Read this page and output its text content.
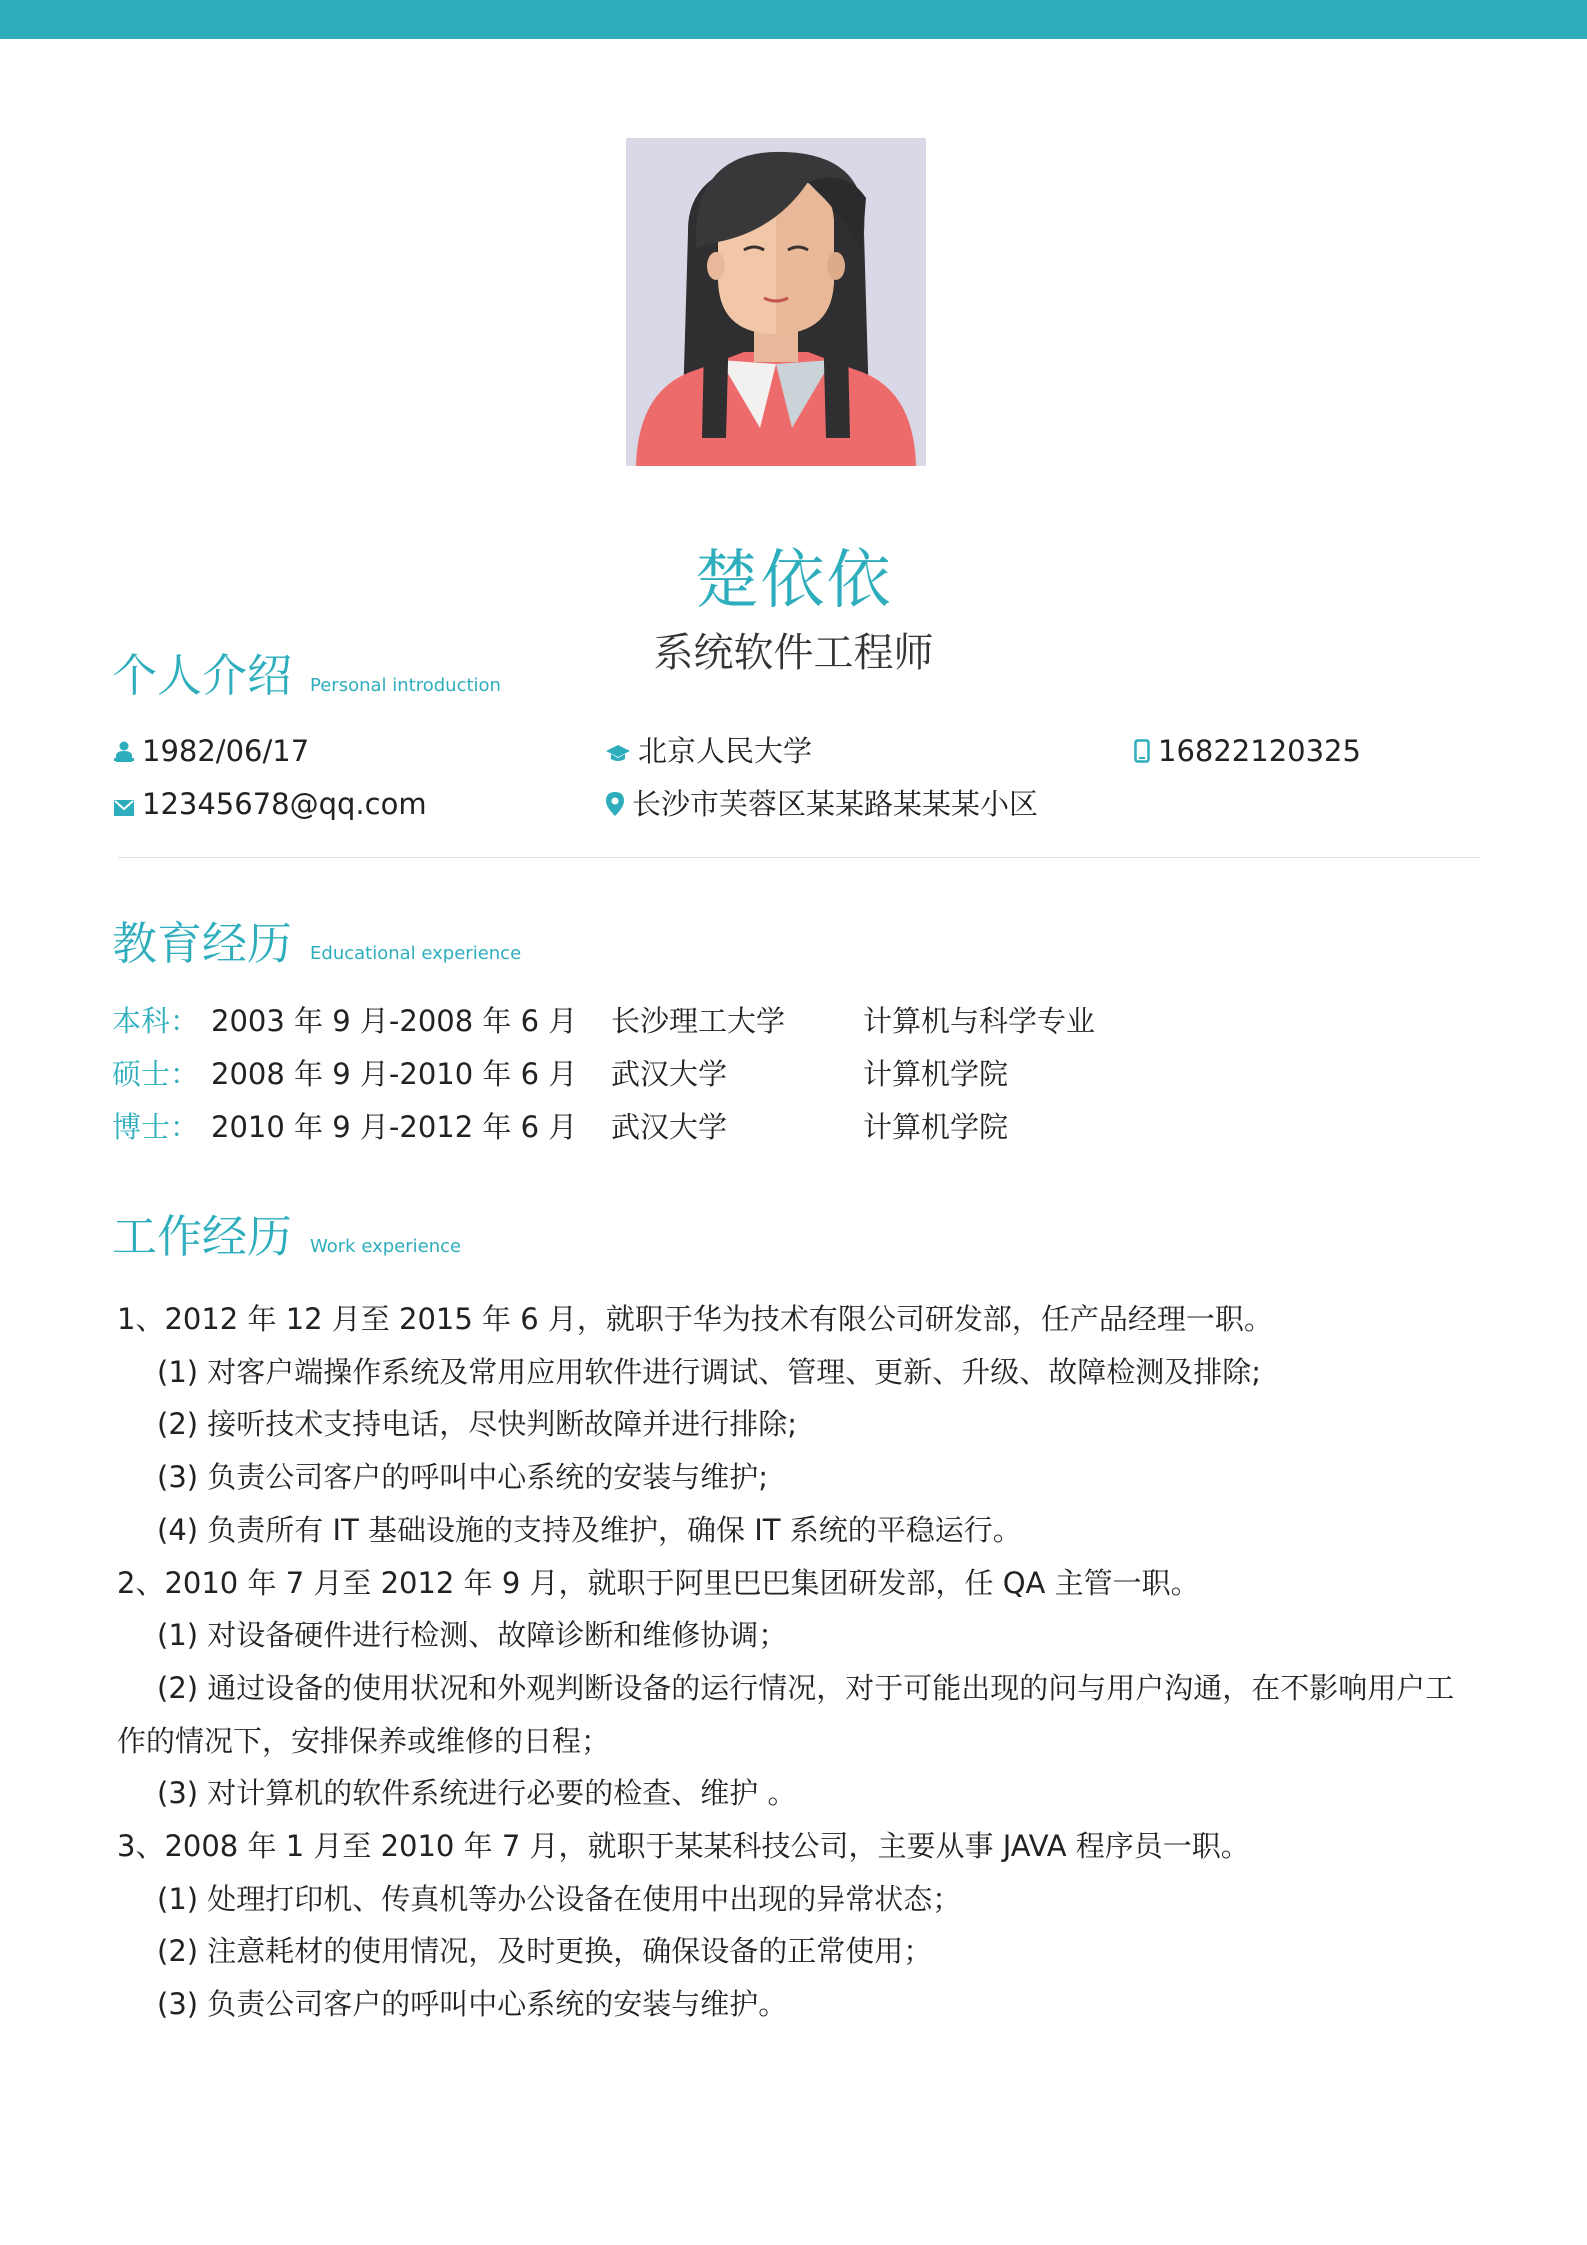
楚依依
系统软件工程师
个人介绍 Personal introduction
1982/06/17	北京人民大学	16822120325
12345678@qq.com	长沙市芙蓉区某某路某某某小区
教育经历 Educational experience
本科： 2003 年 9 月-2008 年 6 月 长沙理工大学	计算机与科学专业
硕士： 2008 年 9 月-2010 年 6 月 武汉大学	计算机学院
博士： 2010 年 9 月-2012 年 6 月 武汉大学	计算机学院
工作经历 Work experience

1、2012 年 12 月至 2015 年 6 月，就职于华为技术有限公司研发部，任产品经理一职。

(1) 对客户端操作系统及常用应用软件进行调试、管理、更新、升级、故障检测及排除;

(2) 接听技术支持电话，尽快判断故障并进行排除;

(3) 负责公司客户的呼叫中心系统的安装与维护;

(4) 负责所有 IT 基础设施的支持及维护，确保 IT 系统的平稳运行。

2、2010 年 7 月至 2012 年 9 月，就职于阿里巴巴集团研发部，任 QA 主管一职。

(1) 对设备硬件进行检测、故障诊断和维修协调；

(2) 通过设备的使用状况和外观判断设备的运行情况，对于可能出现的问与用户沟通，在不影响用户工作的情况下，安排保养或维修的日程；

(3) 对计算机的软件系统进行必要的检查、维护 。

3、2008 年 1 月至 2010 年 7 月，就职于某某科技公司，主要从事 JAVA 程序员一职。

(1) 处理打印机、传真机等办公设备在使用中出现的异常状态；

(2) 注意耗材的使用情况，及时更换，确保设备的正常使用；

(3) 负责公司客户的呼叫中心系统的安装与维护。
